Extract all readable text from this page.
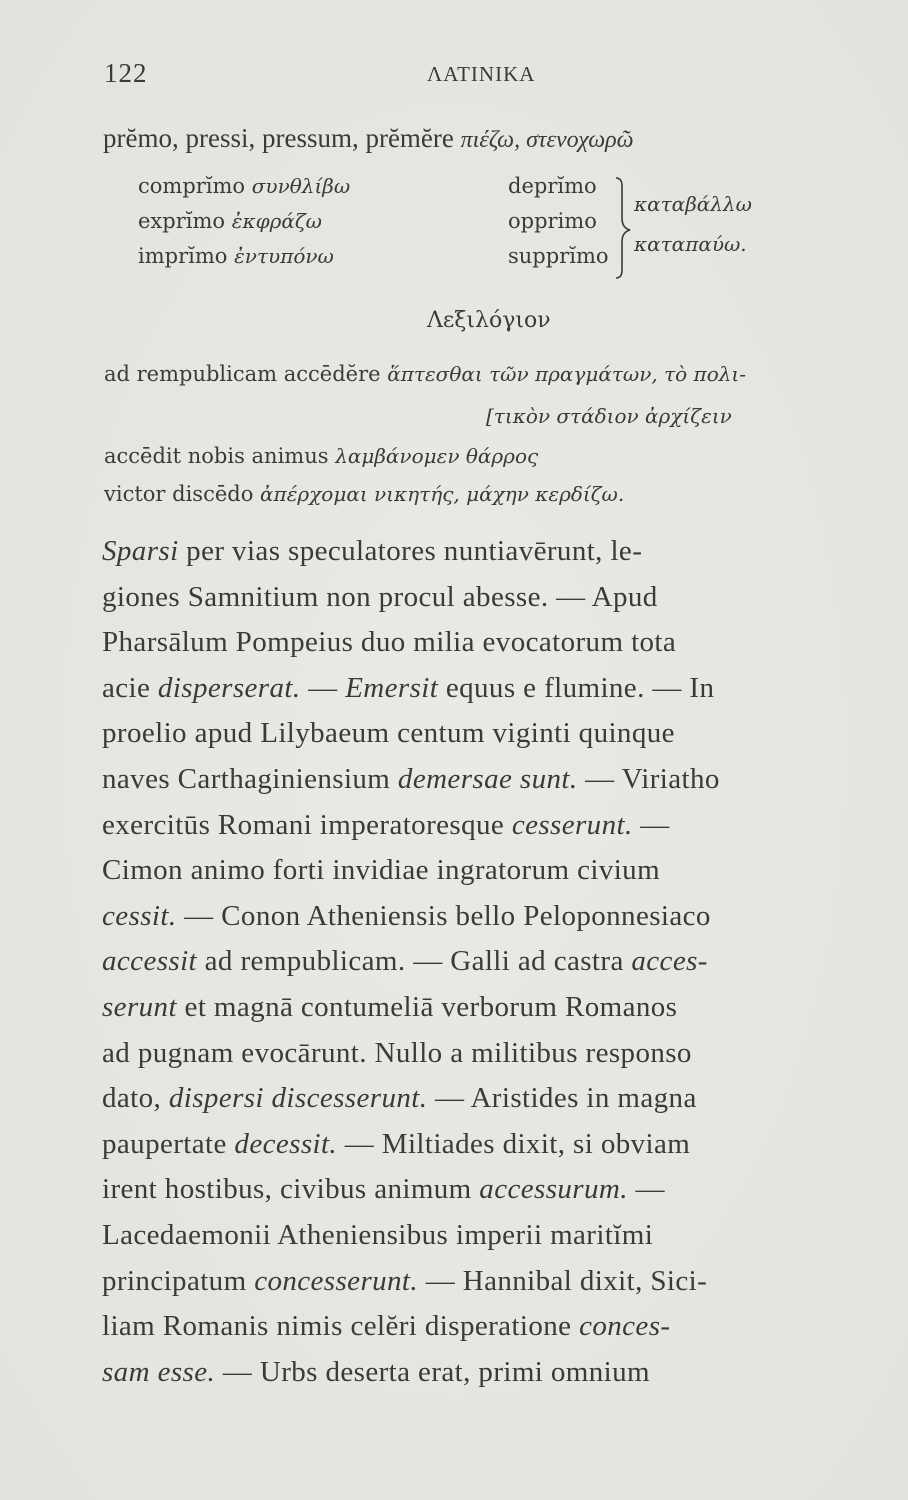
122	ΛΑΤΙΝΙΚΑ
prĕmo, pressi, pressum, prĕmĕre πιέζω, στενοχωρῶ
comprĭmo συνθλίβω
exprĭmo ἐκφράζω
imprĭmo ἐντυπόνω
deprĭmo
opprimo
supprĭmo
καταβάλλω
καταπαύω.
Λεξιλόγιον
ad rempublicam accēdĕre ἅπτεσθαι τῶν πραγμάτων, τὸ πολι-
[τικὸν στάδιον ἀρχίζειν
accēdit nobis animus λαμβάνομεν θάρρος
victor discēdo ἀπέρχομαι νικητής, μάχην κερδίζω.
Sparsi per vias speculatores nuntiavērunt, le-
giones Samnitium non procul abesse. — Apud
Pharsālum Pompeius duo milia evocatorum tota
acie disperserat. — Emersit equus e flumine. — In
proelio apud Lilybaeum centum viginti quinque
naves Carthaginiensium demersae sunt. — Viriatho
exercitūs Romani imperatoresque cesserunt. —
Cimon animo forti invidiae ingratorum civium
cessit. — Conon Atheniensis bello Peloponnesiaco
accessit ad rempublicam. — Galli ad castra acces-
serunt et magnā contumeliā verborum Romanos
ad pugnam evocārunt. Nullo a militibus responso
dato, dispersi discesserunt. — Aristides in magna
paupertate decessit. — Miltiades dixit, si obviam
irent hostibus, civibus animum accessurum. —
Lacedaemonii Atheniensibus imperii maritĭmi
principatum concesserunt. — Hannibal dixit, Sici-
liam Romanis nimis celĕri disperatione conces-
sam esse. — Urbs deserta erat, primi omnium
